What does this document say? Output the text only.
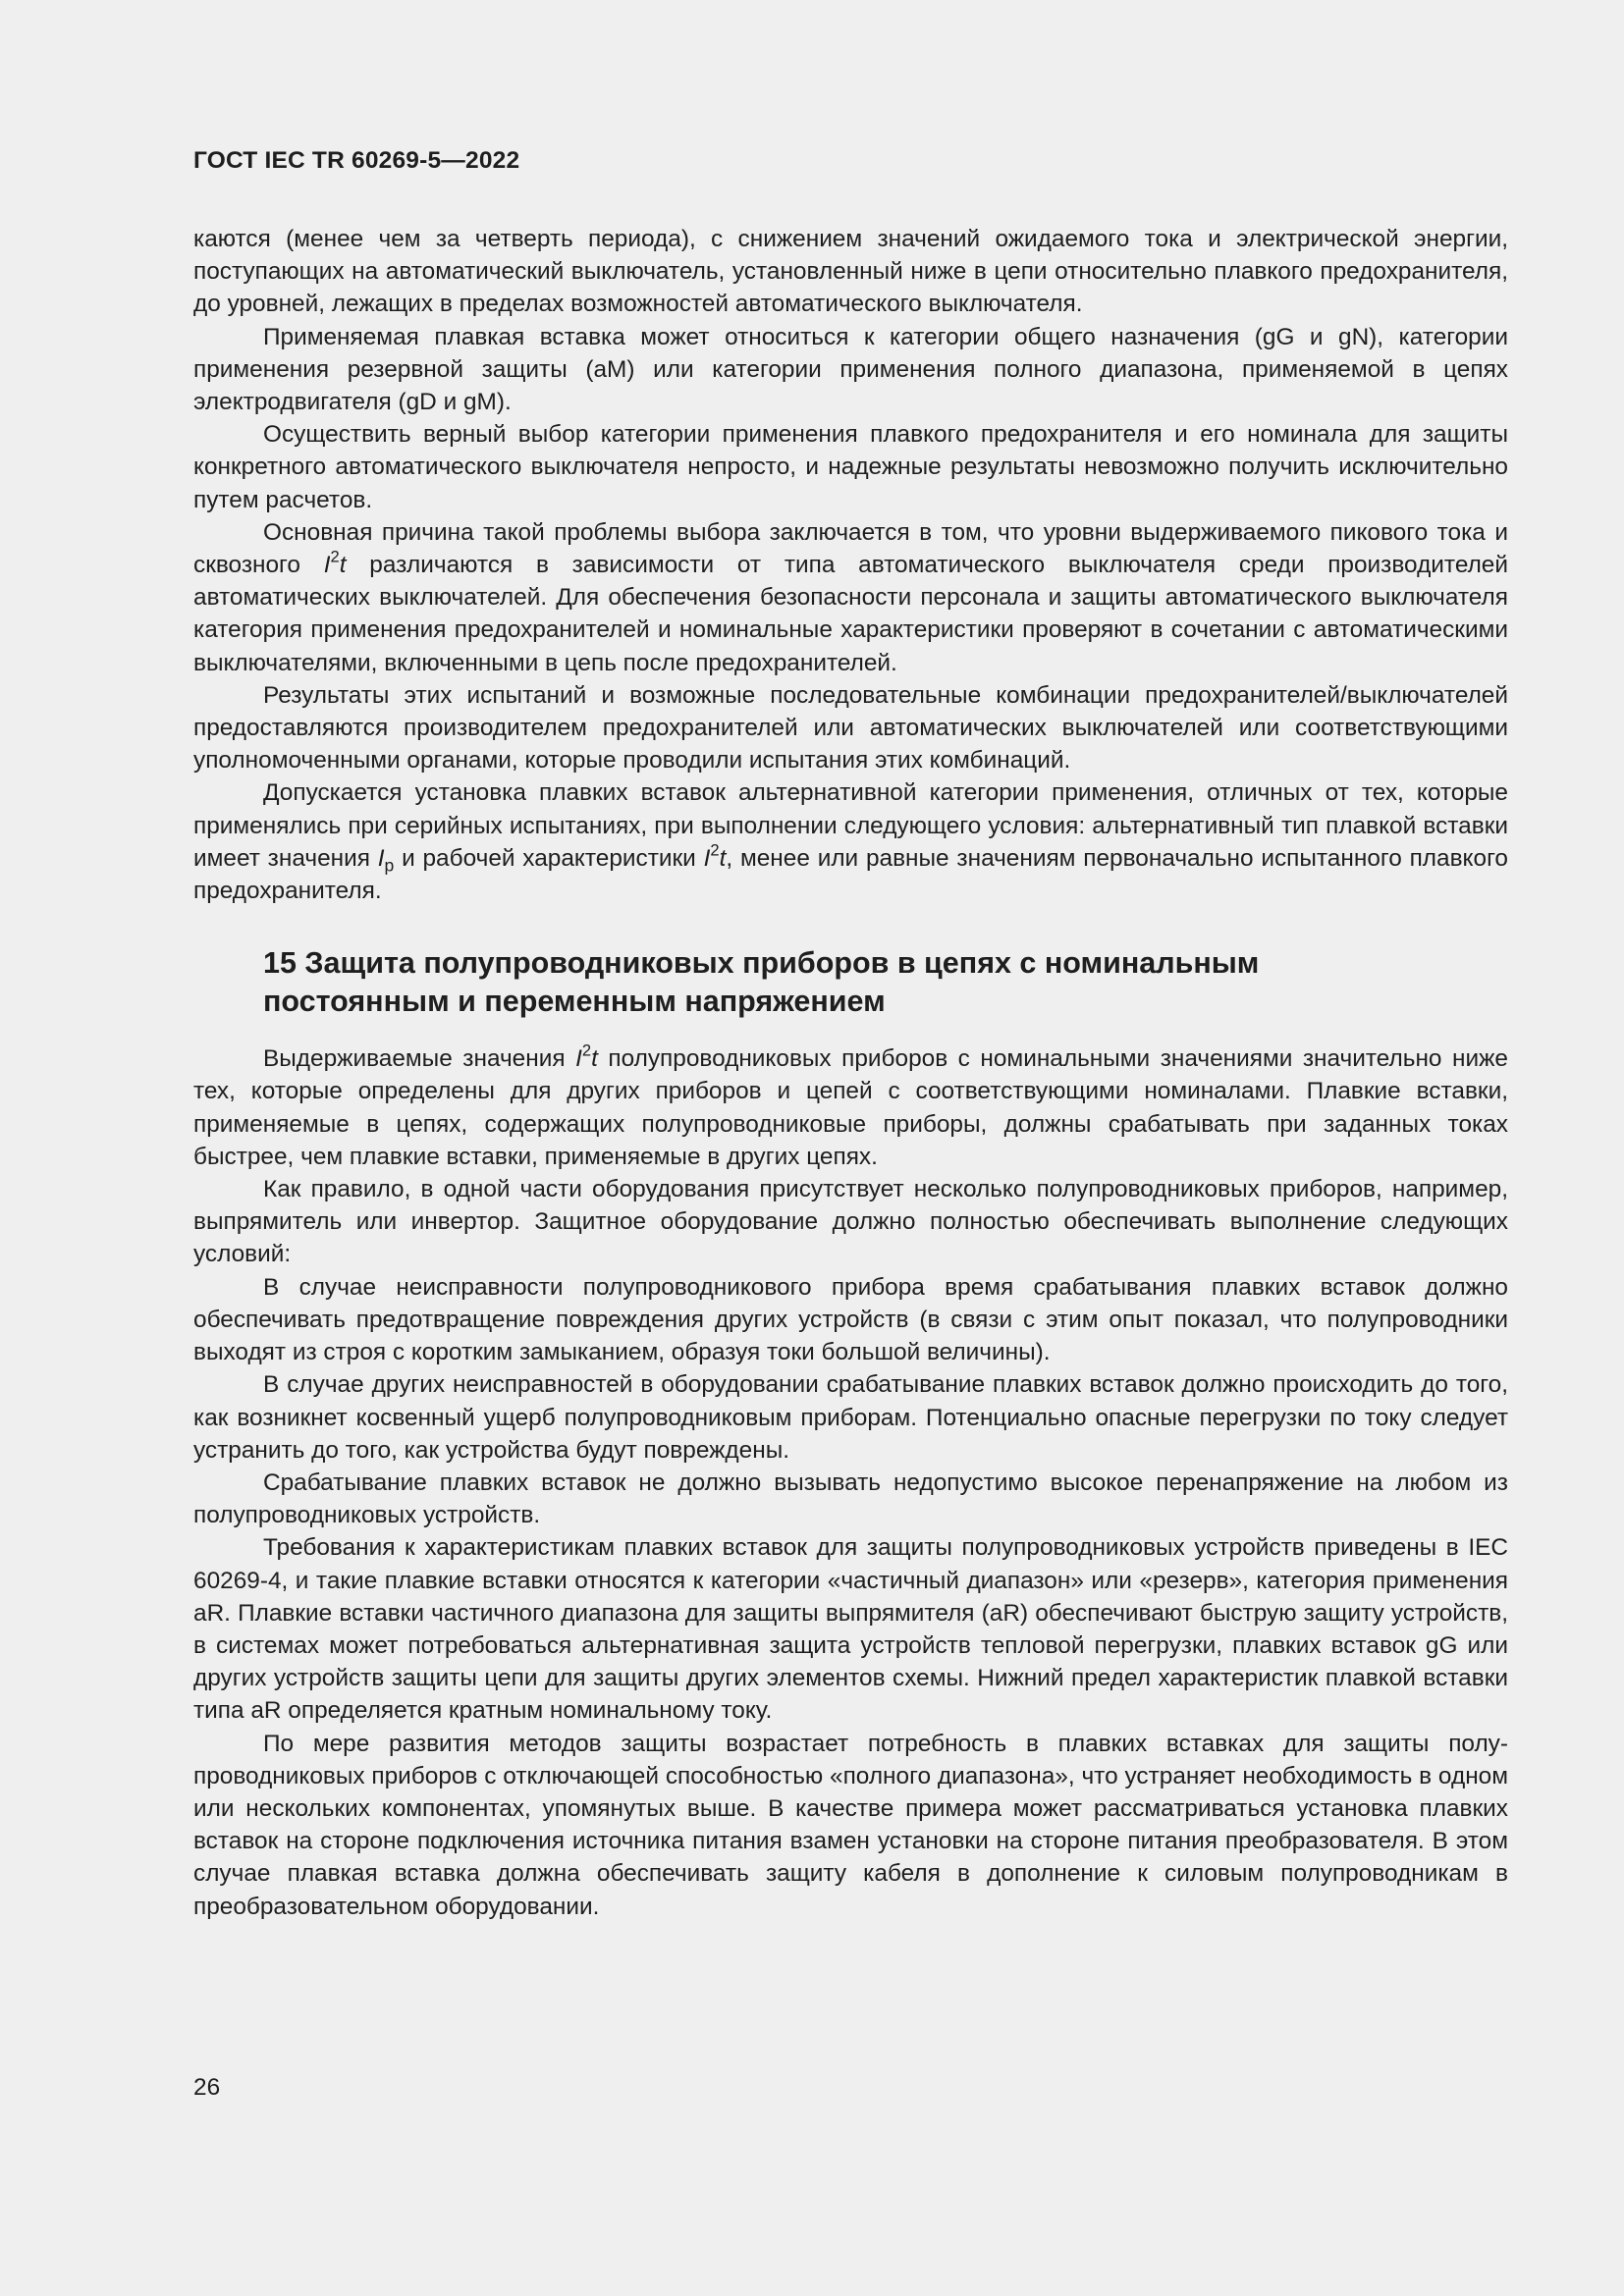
ГОСТ IEC TR 60269-5—2022

каются (менее чем за четверть периода), с снижением значений ожидаемого тока и электрической энергии, поступающих на автоматический выключатель, установленный ниже в цепи относительно плавкого предохранителя, до уровней, лежащих в пределах возможностей автоматического выключателя.

Применяемая плавкая вставка может относиться к категории общего назначения (gG и gN), категории применения резервной защиты (aM) или категории применения полного диапазона, применяемой в цепях электродвигателя (gD и gM).

Осуществить верный выбор категории применения плавкого предохранителя и его номинала для защиты конкретного автоматического выключателя непросто, и надежные результаты невозможно получить исключительно путем расчетов.

Основная причина такой проблемы выбора заключается в том, что уровни выдерживаемого пикового тока и сквозного $I^2t$ различаются в зависимости от типа автоматического выключателя среди производителей автоматических выключателей. Для обеспечения безопасности персонала и защиты автоматического выключателя категория применения предохранителей и номинальные характеристики проверяют в сочетании с автоматическими выключателями, включенными в цепь после предохранителей.

Результаты этих испытаний и возможные последовательные комбинации предохранителей/выключателей предоставляются производителем предохранителей или автоматических выключателей или соответствующими уполномоченными органами, которые проводили испытания этих комбинаций.

Допускается установка плавких вставок альтернативной категории применения, отличных от тех, которые применялись при серийных испытаниях, при выполнении следующего условия: альтернативный тип плавкой вставки имеет значения $I_p$ и рабочей характеристики $I^2t$, менее или равные значениям первоначально испытанного плавкого предохранителя.

15 Защита полупроводниковых приборов в цепях с номинальным постоянным и переменным напряжением

Выдерживаемые значения $I^2t$ полупроводниковых приборов с номинальными значениями значительно ниже тех, которые определены для других приборов и цепей с соответствующими номиналами. Плавкие вставки, применяемые в цепях, содержащих полупроводниковые приборы, должны срабатывать при заданных токах быстрее, чем плавкие вставки, применяемые в других цепях.

Как правило, в одной части оборудования присутствует несколько полупроводниковых приборов, например, выпрямитель или инвертор. Защитное оборудование должно полностью обеспечивать выполнение следующих условий:

В случае неисправности полупроводникового прибора время срабатывания плавких вставок должно обеспечивать предотвращение повреждения других устройств (в связи с этим опыт показал, что полупроводники выходят из строя с коротким замыканием, образуя токи большой величины).

В случае других неисправностей в оборудовании срабатывание плавких вставок должно происходить до того, как возникнет косвенный ущерб полупроводниковым приборам. Потенциально опасные перегрузки по току следует устранить до того, как устройства будут повреждены.

Срабатывание плавких вставок не должно вызывать недопустимо высокое перенапряжение на любом из полупроводниковых устройств.

Требования к характеристикам плавких вставок для защиты полупроводниковых устройств приведены в IEC 60269-4, и такие плавкие вставки относятся к категории «частичный диапазон» или «резерв», категория применения aR. Плавкие вставки частичного диапазона для защиты выпрямителя (aR) обеспечивают быструю защиту устройств, в системах может потребоваться альтернативная защита устройств тепловой перегрузки, плавких вставок gG или других устройств защиты цепи для защиты других элементов схемы. Нижний предел характеристик плавкой вставки типа aR определяется кратным номинальному току.

По мере развития методов защиты возрастает потребность в плавких вставках для защиты полупроводниковых приборов с отключающей способностью «полного диапазона», что устраняет необходимость в одном или нескольких компонентах, упомянутых выше. В качестве примера может рассматриваться установка плавких вставок на стороне подключения источника питания взамен установки на стороне питания преобразователя. В этом случае плавкая вставка должна обеспечивать защиту кабеля в дополнение к силовым полупроводникам в преобразовательном оборудовании.

26
